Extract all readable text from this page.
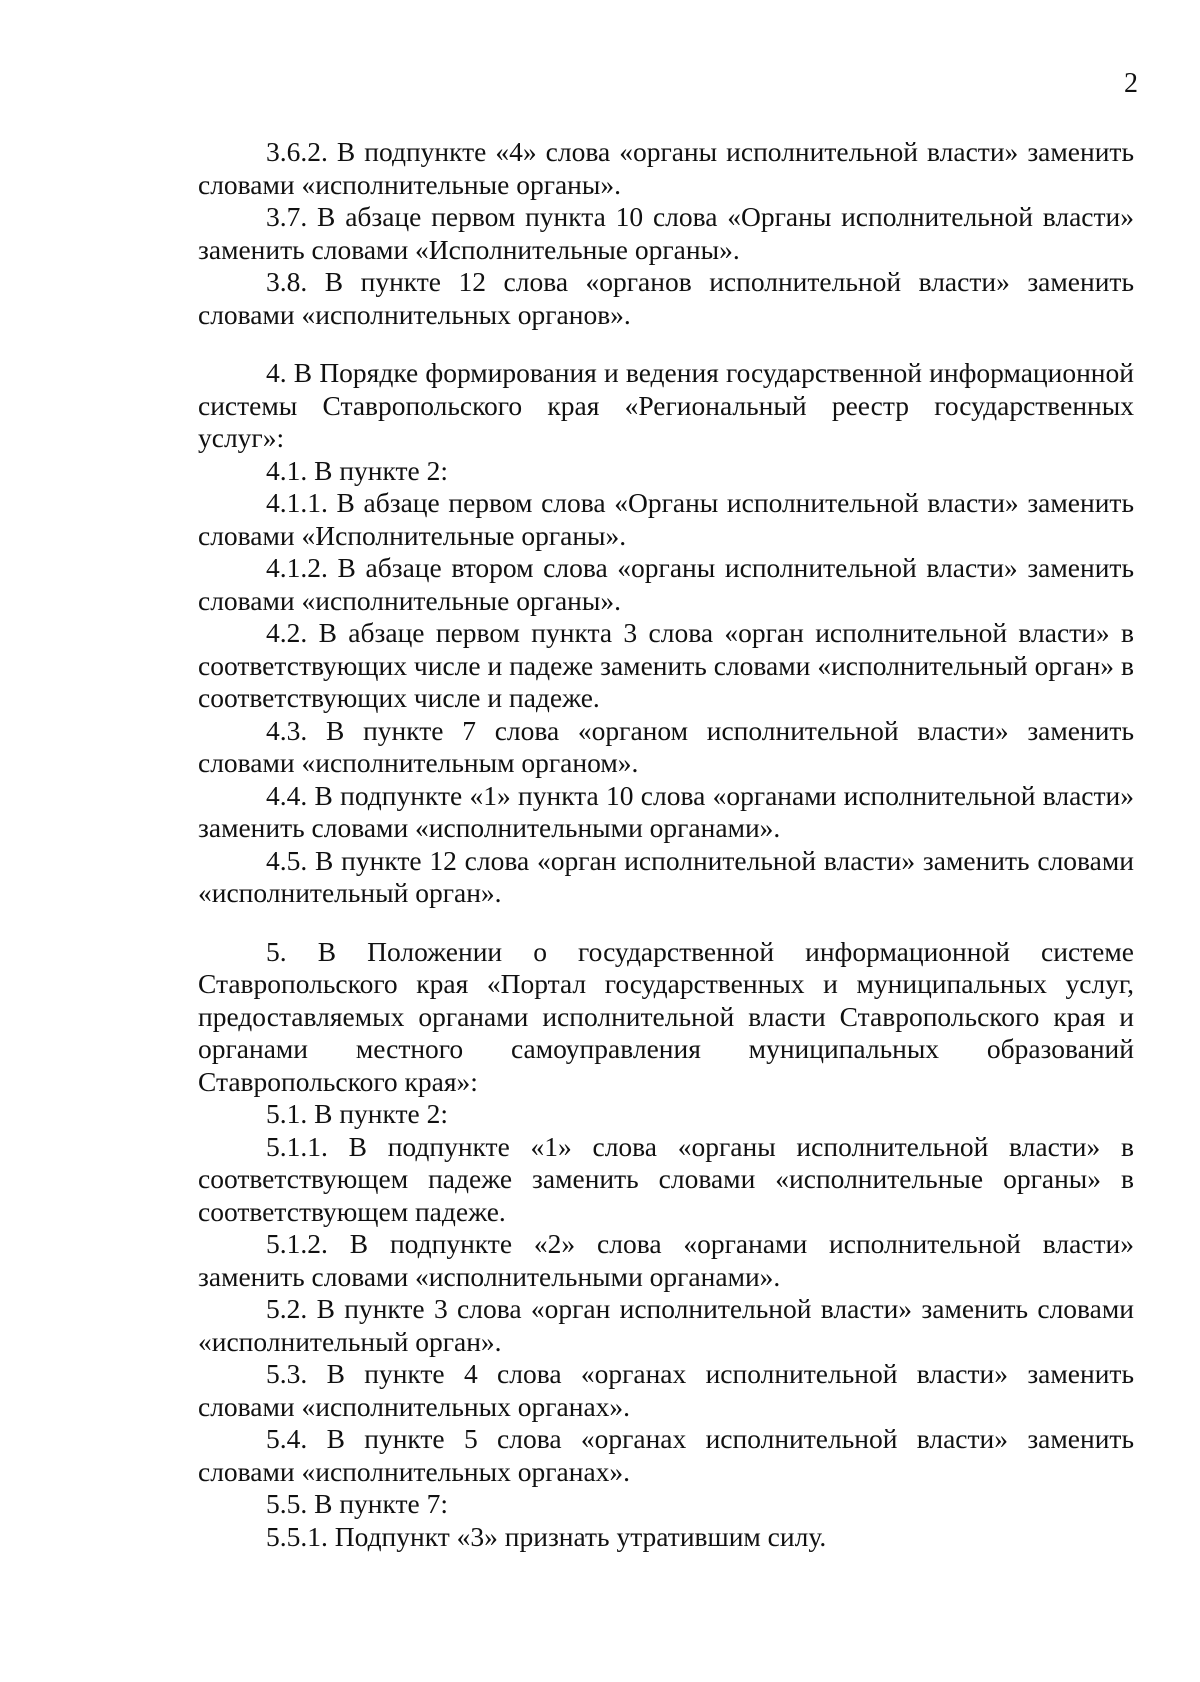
2

3.6.2. В подпункте «4» слова «органы исполнительной власти» заменить словами «исполнительные органы».

3.7. В абзаце первом пункта 10 слова «Органы исполнительной власти» заменить словами «Исполнительные органы».

3.8. В пункте 12 слова «органов исполнительной власти» заменить словами «исполнительных органов».

4. В Порядке формирования и ведения государственной информационной системы Ставропольского края «Региональный реестр государственных услуг»:

4.1. В пункте 2:

4.1.1. В абзаце первом слова «Органы исполнительной власти» заменить словами «Исполнительные органы».

4.1.2. В абзаце втором слова «органы исполнительной власти» заменить словами «исполнительные органы».

4.2. В абзаце первом пункта 3 слова «орган исполнительной власти» в соответствующих числе и падеже заменить словами «исполнительный орган» в соответствующих числе и падеже.

4.3. В пункте 7 слова «органом исполнительной власти» заменить словами «исполнительным органом».

4.4. В подпункте «1» пункта 10 слова «органами исполнительной власти» заменить словами «исполнительными органами».

4.5. В пункте 12 слова «орган исполнительной власти» заменить словами «исполнительный орган».

5. В Положении о государственной информационной системе Ставропольского края «Портал государственных и муниципальных услуг, предоставляемых органами исполнительной власти Ставропольского края и органами местного самоуправления муниципальных образований Ставропольского края»:

5.1. В пункте 2:

5.1.1. В подпункте «1» слова «органы исполнительной власти» в соответствующем падеже заменить словами «исполнительные органы» в соответствующем падеже.

5.1.2. В подпункте «2» слова «органами исполнительной власти» заменить словами «исполнительными органами».

5.2. В пункте 3 слова «орган исполнительной власти» заменить словами «исполнительный орган».

5.3. В пункте 4 слова «органах исполнительной власти» заменить словами «исполнительных органах».

5.4. В пункте 5 слова «органах исполнительной власти» заменить словами «исполнительных органах».

5.5. В пункте 7:

5.5.1. Подпункт «3» признать утратившим силу.
